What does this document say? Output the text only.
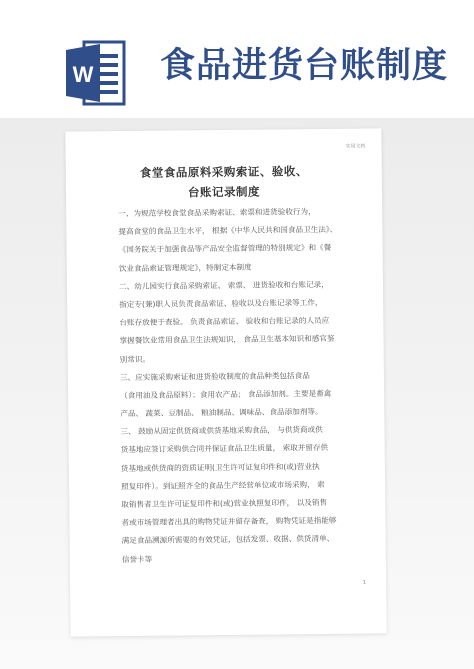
W 食品进货台账制度
实用文档
食堂食品原料采购索证、验收、
台账记录制度
一、为规范学校食堂食品采购索证、索票和进货验收行为，
提高食堂的食品卫生水平， 根据《中华人民共和国食品卫生法》、
《国务院关于加强食品等产品安全监督管理的特别规定》和《餐
饮业食品索证管理规定》，特制定本制度
二、幼儿园实行食品采购索证、 索票、 进货验收和台账记录，
指定专(兼)职人员负责食品索证、验收以及台账记录等工作，
台账存放便于查验。 负责食品索证、 验收和台账记录的人员应
掌握餐饮业常用食品卫生法规知识， 食品卫生基本知识和感官鉴
别常识。
三、应实施采购索证和进货验收制度的食品种类包括食品
（食用油及食品原料）；食用农产品； 食品添加剂。主要是畜禽
产品、 蔬菜、豆制品、 粮油制品、调味品、食品添加剂等。
三、 鼓励从固定供货商或供货基地采购食品， 与供货商或供
货基地应签订采购供合同并保证食品卫生质量， 索取并留存供
货基地或供货商的资质证明(卫生许可证复印件和(或)营业执
照复印件）。到证照齐全的食品生产经营单位或市场采购， 索
取销售者卫生许可证复印件和(或)营业执照复印件， 以及销售
者或市场管理者出具的购物凭证并留存备查， 购物凭证是指能够
满足食品溯源所需要的有效凭证，包括发票、收据、供货清单、
信誉卡等
1
